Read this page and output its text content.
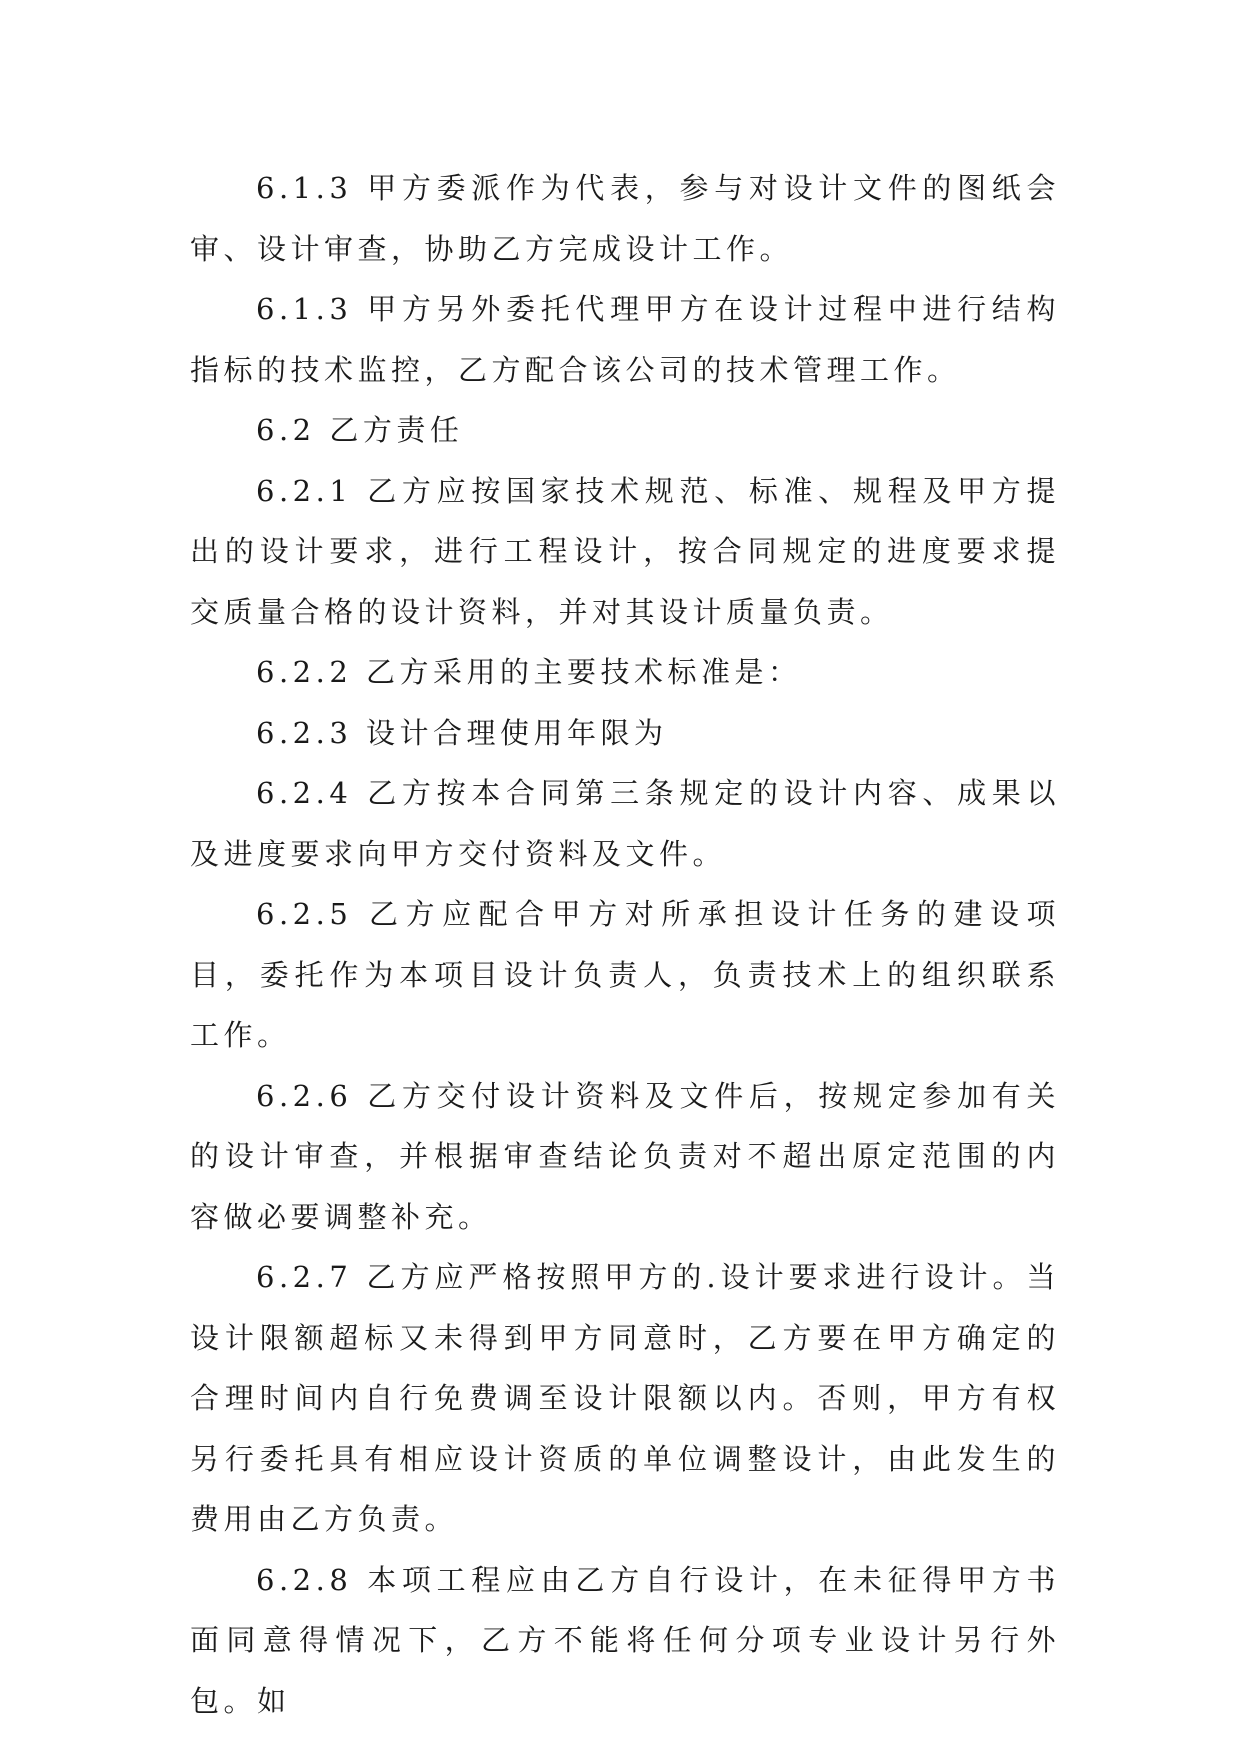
6.1.3 甲方委派作为代表，参与对设计文件的图纸会审、设计审查，协助乙方完成设计工作。

6.1.3 甲方另外委托代理甲方在设计过程中进行结构指标的技术监控，乙方配合该公司的技术管理工作。

6.2 乙方责任

6.2.1 乙方应按国家技术规范、标准、规程及甲方提出的设计要求，进行工程设计，按合同规定的进度要求提交质量合格的设计资料，并对其设计质量负责。

6.2.2 乙方采用的主要技术标准是：

6.2.3 设计合理使用年限为

6.2.4 乙方按本合同第三条规定的设计内容、成果以及进度要求向甲方交付资料及文件。

6.2.5 乙方应配合甲方对所承担设计任务的建设项目，委托作为本项目设计负责人，负责技术上的组织联系工作。

6.2.6 乙方交付设计资料及文件后，按规定参加有关的设计审查，并根据审查结论负责对不超出原定范围的内容做必要调整补充。

6.2.7 乙方应严格按照甲方的.设计要求进行设计。当设计限额超标又未得到甲方同意时，乙方要在甲方确定的合理时间内自行免费调至设计限额以内。否则，甲方有权另行委托具有相应设计资质的单位调整设计，由此发生的费用由乙方负责。

6.2.8 本项工程应由乙方自行设计，在未征得甲方书面同意得情况下，乙方不能将任何分项专业设计另行外包。如
